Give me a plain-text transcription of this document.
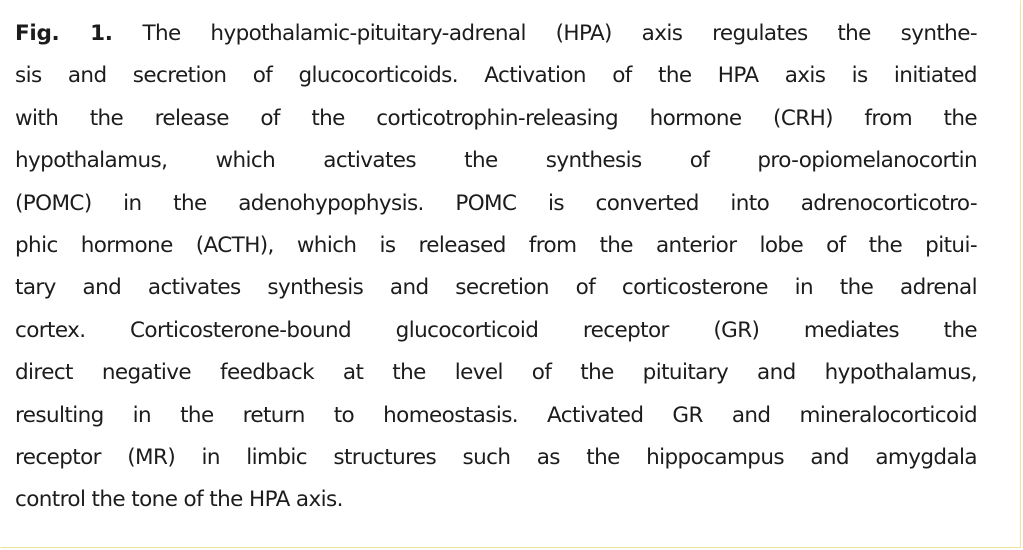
Fig. 1. The hypothalamic-pituitary-adrenal (HPA) axis regulates the synthe-
sis and secretion of glucocorticoids. Activation of the HPA axis is initiated
with the release of the corticotrophin-releasing hormone (CRH) from the
hypothalamus, which activates the synthesis of pro-opiomelanocortin
(POMC) in the adenohypophysis. POMC is converted into adrenocorticotro-
phic hormone (ACTH), which is released from the anterior lobe of the pitui-
tary and activates synthesis and secretion of corticosterone in the adrenal
cortex. Corticosterone-bound glucocorticoid receptor (GR) mediates the
direct negative feedback at the level of the pituitary and hypothalamus,
resulting in the return to homeostasis. Activated GR and mineralocorticoid
receptor (MR) in limbic structures such as the hippocampus and amygdala
control the tone of the HPA axis.
